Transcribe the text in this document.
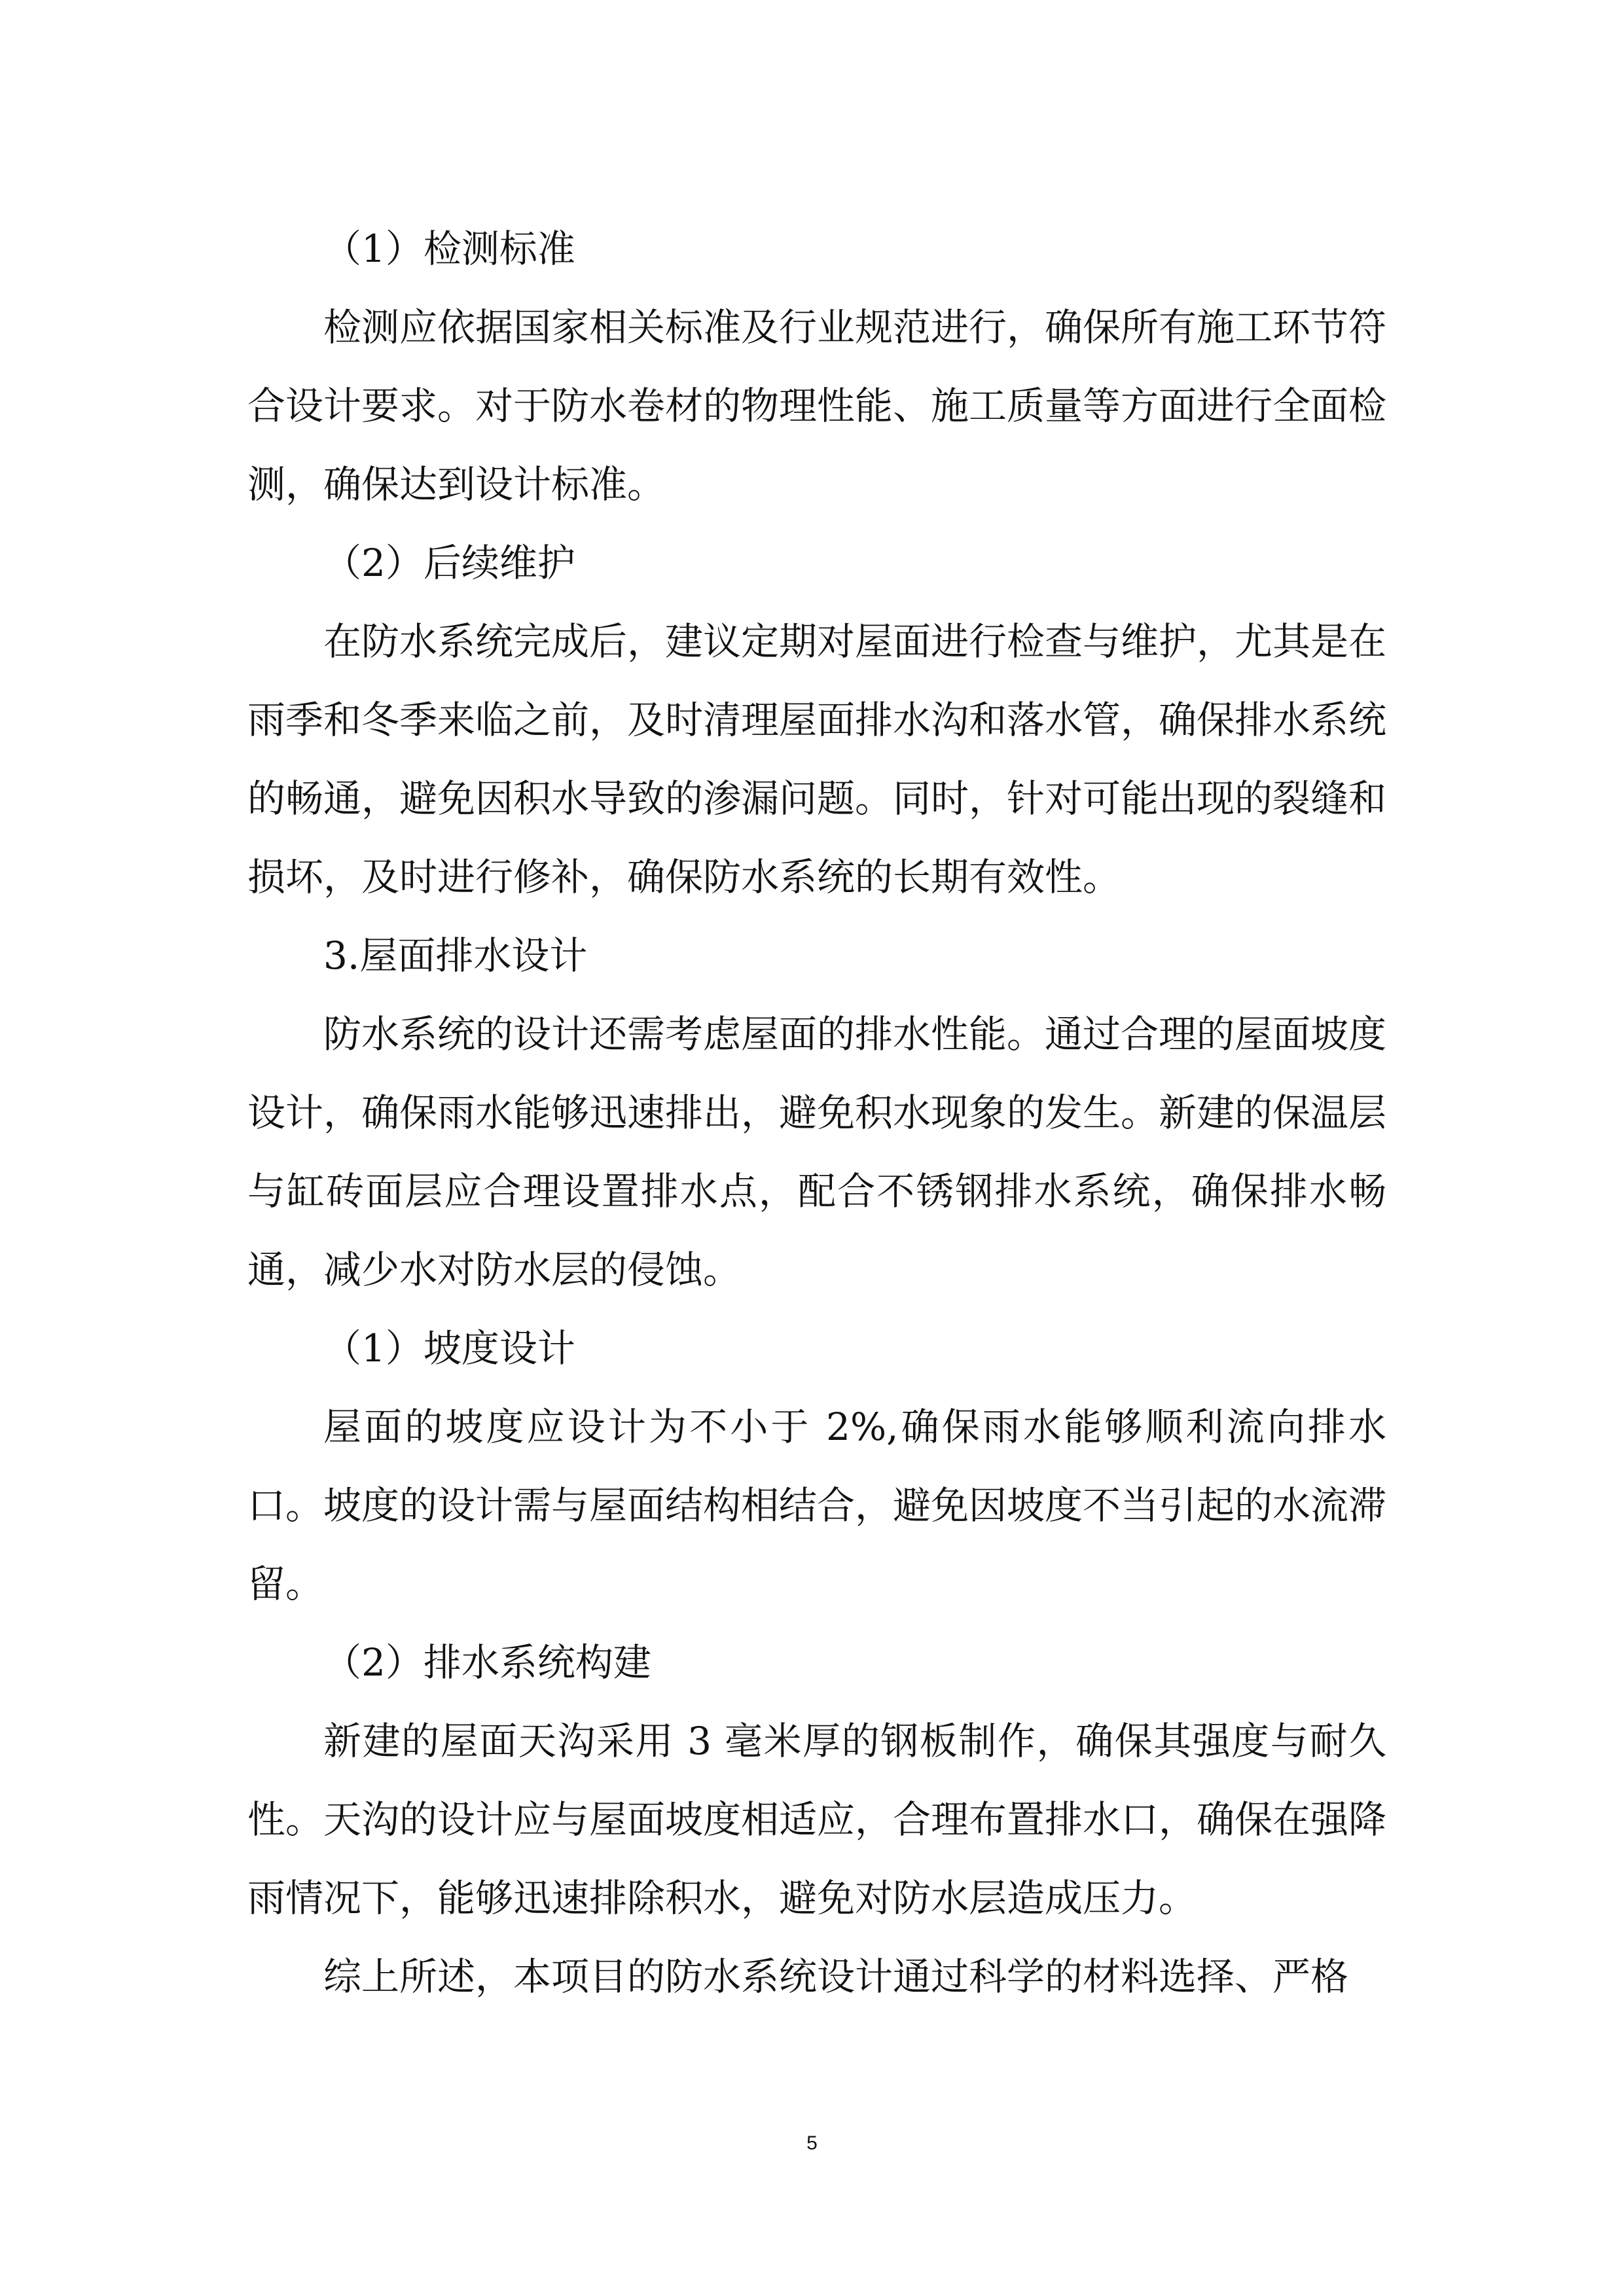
（1）检测标准

检测应依据国家相关标准及行业规范进行，确保所有施工环节符合设计要求。对于防水卷材的物理性能、施工质量等方面进行全面检测，确保达到设计标准。

（2）后续维护

在防水系统完成后，建议定期对屋面进行检查与维护，尤其是在雨季和冬季来临之前，及时清理屋面排水沟和落水管，确保排水系统的畅通，避免因积水导致的渗漏问题。同时，针对可能出现的裂缝和损坏，及时进行修补，确保防水系统的长期有效性。

3.屋面排水设计

防水系统的设计还需考虑屋面的排水性能。通过合理的屋面坡度设计，确保雨水能够迅速排出，避免积水现象的发生。新建的保温层与缸砖面层应合理设置排水点，配合不锈钢排水系统，确保排水畅通，减少水对防水层的侵蚀。

（1）坡度设计

屋面的坡度应设计为不小于 2%,确保雨水能够顺利流向排水口。坡度的设计需与屋面结构相结合，避免因坡度不当引起的水流滞留。

（2）排水系统构建

新建的屋面天沟采用 3 毫米厚的钢板制作，确保其强度与耐久性。天沟的设计应与屋面坡度相适应，合理布置排水口，确保在强降雨情况下，能够迅速排除积水，避免对防水层造成压力。

综上所述，本项目的防水系统设计通过科学的材料选择、严格

5
